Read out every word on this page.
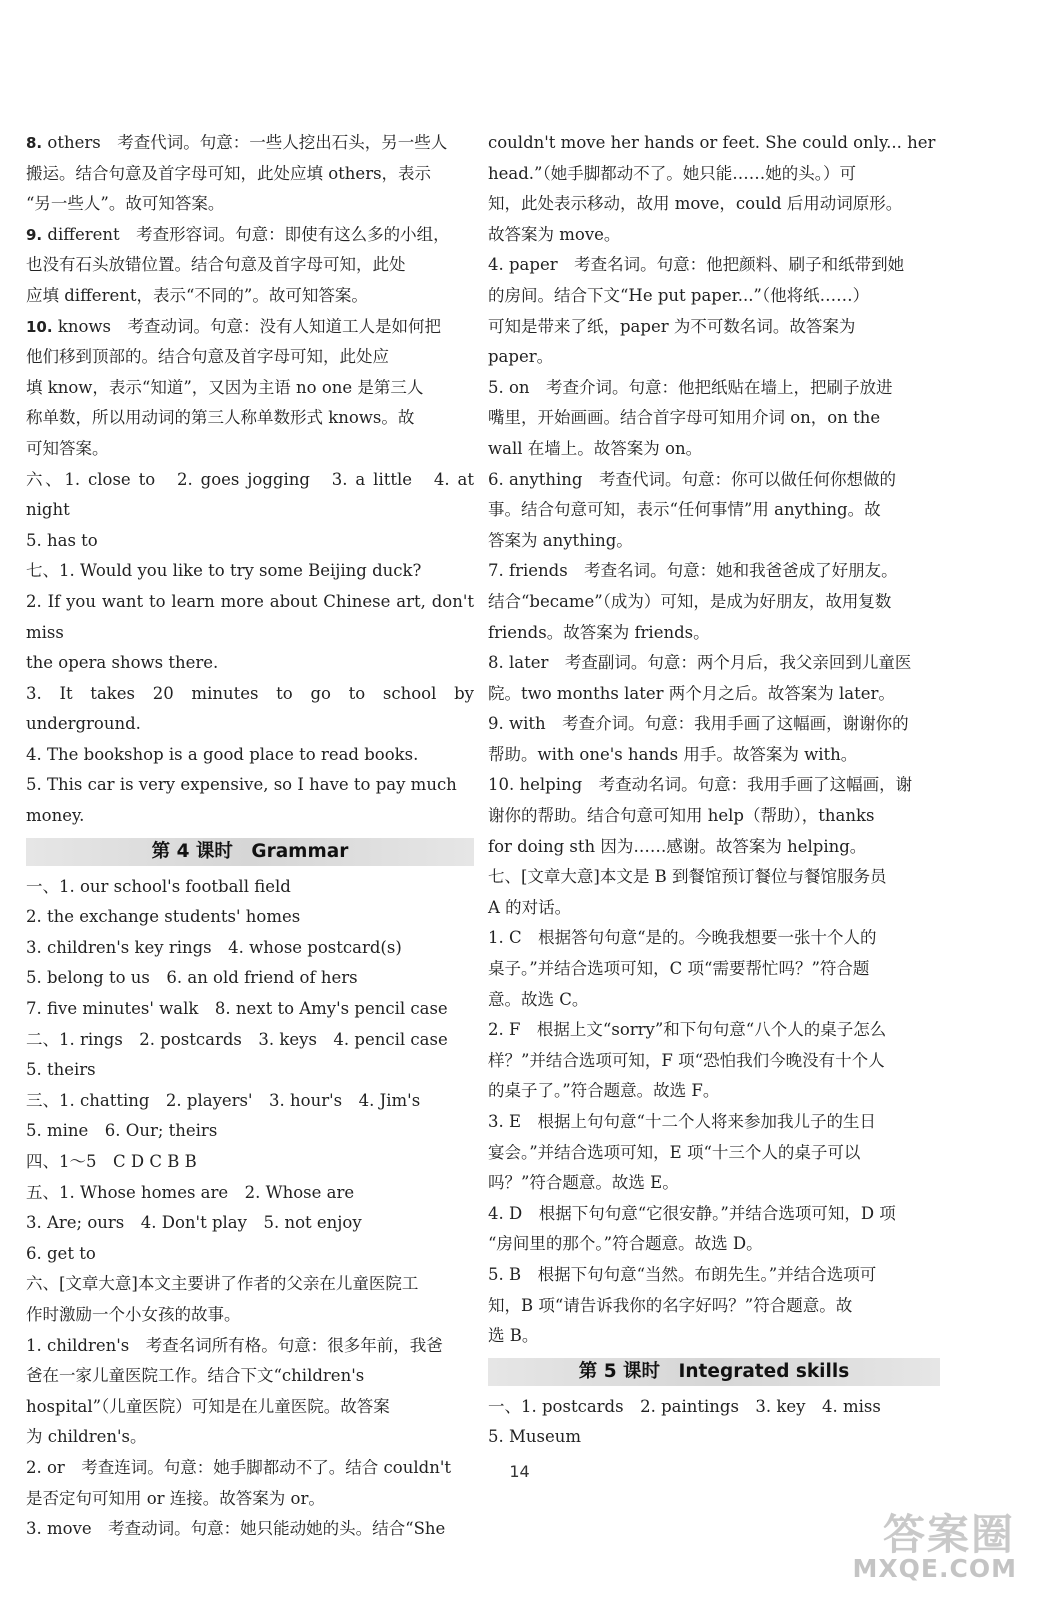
8. others　考查代词。句意：一些人挖出石头，另一些人

搬运。结合句意及首字母可知，此处应填 others，表示

“另一些人”。故可知答案。

9. different　考查形容词。句意：即使有这么多的小组，

也没有石头放错位置。结合句意及首字母可知，此处

应填 different，表示“不同的”。故可知答案。

10. knows　考查动词。句意：没有人知道工人是如何把

他们移到顶部的。结合句意及首字母可知，此处应

填 know，表示“知道”，又因为主语 no one 是第三人

称单数，所以用动词的第三人称单数形式 knows。故

可知答案。

六、1. close to　2. goes jogging　3. a little　4. at night

5. has to

七、1. Would you like to try some Beijing duck?

2. If you want to learn more about Chinese art, don't miss

the opera shows there.

3. It takes 20 minutes to go to school by underground.

4. The bookshop is a good place to read books.

5. This car is very expensive, so I have to pay much

money.

第 4 课时　Grammar

一、1. our school's football field

2. the exchange students' homes

3. children's key rings　4. whose postcard(s)

5. belong to us　6. an old friend of hers

7. five minutes' walk　8. next to Amy's pencil case

二、1. rings　2. postcards　3. keys　4. pencil case

5. theirs

三、1. chatting　2. players'　3. hour's　4. Jim's

5. mine　6. Our; theirs

四、1～5　C D C B B

五、1. Whose homes are　2. Whose are

3. Are; ours　4. Don't play　5. not enjoy

6. get to

六、[文章大意]本文主要讲了作者的父亲在儿童医院工

作时激励一个小女孩的故事。

1. children's　考查名词所有格。句意：很多年前，我爸

爸在一家儿童医院工作。结合下文“children's

hospital”（儿童医院）可知是在儿童医院。故答案

为 children's。

2. or　考查连词。句意：她手脚都动不了。结合 couldn't

是否定句可知用 or 连接。故答案为 or。

3. move　考查动词。句意：她只能动她的头。结合“She

couldn't move her hands or feet. She could only... her

head.”（她手脚都动不了。她只能……她的头。）可

知，此处表示移动，故用 move，could 后用动词原形。

故答案为 move。

4. paper　考查名词。句意：他把颜料、刷子和纸带到她

的房间。结合下文“He put paper...”（他将纸……）

可知是带来了纸，paper 为不可数名词。故答案为

paper。

5. on　考查介词。句意：他把纸贴在墙上，把刷子放进

嘴里，开始画画。结合首字母可知用介词 on，on the

wall 在墙上。故答案为 on。

6. anything　考查代词。句意：你可以做任何你想做的

事。结合句意可知，表示“任何事情”用 anything。故

答案为 anything。

7. friends　考查名词。句意：她和我爸爸成了好朋友。

结合“became”（成为）可知，是成为好朋友，故用复数

friends。故答案为 friends。

8. later　考查副词。句意：两个月后，我父亲回到儿童医

院。two months later 两个月之后。故答案为 later。

9. with　考查介词。句意：我用手画了这幅画，谢谢你的

帮助。with one's hands 用手。故答案为 with。

10. helping　考查动名词。句意：我用手画了这幅画，谢

谢你的帮助。结合句意可知用 help（帮助），thanks

for doing sth 因为……感谢。故答案为 helping。

七、[文章大意]本文是 B 到餐馆预订餐位与餐馆服务员

A 的对话。

1. C　根据答句句意“是的。今晚我想要一张十个人的

桌子。”并结合选项可知，C 项“需要帮忙吗？”符合题

意。故选 C。

2. F　根据上文“sorry”和下句句意“八个人的桌子怎么

样？”并结合选项可知，F 项“恐怕我们今晚没有十个人

的桌子了。”符合题意。故选 F。

3. E　根据上句句意“十二个人将来参加我儿子的生日

宴会。”并结合选项可知，E 项“十三个人的桌子可以

吗？”符合题意。故选 E。

4. D　根据下句句意“它很安静。”并结合选项可知，D 项

“房间里的那个。”符合题意。故选 D。

5. B　根据下句句意“当然。布朗先生。”并结合选项可

知，B 项“请告诉我你的名字好吗？”符合题意。故

选 B。

第 5 课时　Integrated skills

一、1. postcards　2. paintings　3. key　4. miss

5. Museum

14
答案圈
MXQE.COM
